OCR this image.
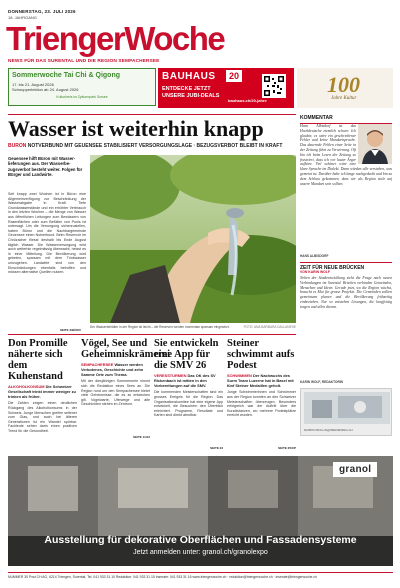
DONNERSTAG, 23. JULI 2026
18. JAHRGANG
TriengerWoche
NEWS FÜR DAS SURENTAL UND DIE REGION SEMPACHERSEE
Sommerwoche Tai Chi & Qigong
17. bis 21. August 2026
Schnupperlektion ab 24. August 2026
Kulturkreis im Zytturmpark Sursee
BAUHAUS	20
ENTDECKE JETZT UNSERE JUBI-DEALS
bauhaus.ch/20-jahre
100
Jahre Kultur
Wasser ist weiterhin knapp
BÜRON NOTVERBUND MIT GEUENSEE STABILISIERT VERSORGUNGSLAGE · BEZUGSVERBOT BLEIBT IN KRAFT
Geuensee hilft Büron mit Wasser-lieferungen aus. Der Wasserbe-zugsverbot besteht weiter. Folgen für Bürger und Landwirte.
Seit knapp zwei Wochen ist in Büron eine Allgemeinverfügung zur Beschränkung der Wasserabgabe in Kraft. Tiefe Grundwasserstände und ein erhöhter Verbrauch in den letzten Wochen – die Menge von Wasser aus öffentlichen Leitungen zum Bewässern von Rasenflächen oder zum Befüllen von Pools ist untersagt. Um die Versorgung sicherzustellen, haben Büron und die Nachbargemeinde Geuensee einen Notverbund. Beim Reservoir im Chrüzacher fliesst deshalb bis Ende August täglich Wasser. Die Wasserversorgung wird auch weiterhin regelmässig überwacht, heisst es in einer Mitteilung. Die Bevölkerung wird gebeten, sparsam mit dem Trinkwasser umzugehen. Landwirte sind von den Einschränkungen ebenfalls betroffen und müssen alternative Quellen nutzen.
SEITE 3/BÜRO
Der Wasserbehälter in der Region ist leicht – die Reserven werden momentan sparsam eingesetzt.	FOTO: ANA BARBARA DALLANESE
KOMMENTAR
Hans Albisdorf ist das Hochdeutsche ziemlich schwer. Ich glaubte, es wäre ein geschriebener Fehler und keine Mundartsprache. Das dauernde Fehlen einer Seite in der Zeitung führt zu Verwirrung. Oft bin ich beim Lesen der Zeitung so frustriert, dass ich vor lauter Ärger aufhöre. Viel schöner wäre eine klare Sprache im Dialekt. Dann würden alle verstehen, was gemeint ist. Darüber habe ich lange nachgedacht und bin zu dem Schluss gekommen, dass wir als Region stolz auf unsere Mundart sein sollten.
HANS ALBISDORF
ZEIT FÜR NEUE BRÜCKEN
VON KARIN WOLF
Neben der Stadtentwicklung steht die Frage nach neuen Verbindungen im Surental. Brücken verbinden Gemeinden, Menschen und Ideen. Gerade jetzt, wo die Region wächst, braucht es Mut für grosse Projekte. Die Gemeinden sollten gemeinsam planen und die Bevölkerung frühzeitig einbeziehen. Nur so entstehen Lösungen, die langfristig tragen und allen dienen.
KARIN WOLF, REDAKTORIN
RAIBON BOLLIN@IMEINEWEG.CH
Don Promille näherte sich dem Kuhenstand
ALKOHOLKONSUM Die Schweizer Gesellschaft trinkt immer weniger zu trinken als früher.
Die Zahlen zeigen einen deutlichen Rückgang des Alkoholkonsums in der Schweiz. Junge Menschen greifen seltener zum Glas, und auch bei älteren Generationen ist ein Wandel spürbar. Fachleute sehen darin einen positiven Trend für die Gesundheit.
Vögel, See und Geheimniskrämerei
SEMPACHERSEE Wasser werden Verbotenes, Geschichte und zehn Samme Orte zum Thema.
Mit der diesjährigen Sommerserie nimmt sich die Redaktion eines Sees an. Die Region rund um den Sempachersee bietet viele Geheimnisse, die es zu entdecken gilt. Vogelwarte, Uferwege und alte Geschichten stehen im Zentrum.
SEITE 11/12
Sie entwickeln eine App für die SMV 26
VERESSTURMEN Das OK des SV Rickenbach ist mitten in den Vorbereitungen auf die SMV.
Die kommenden Meisterschaften sind ein grosses Ereignis für die Region. Das Organisationskomitee hat eine eigene App entwickelt, die Besuchern den Überblick erleichtert. Programm, Resultate und Karten sind direkt abrufbar.
SEITE 23
Steiner schwimmt aufs Podest
SCHWIMMEN Der Nachwuchs des Surm Team Luzerne hat in Basel mit fünf Steiner Medaillen geholt.
Junge Schwimmerinnen und Schwimmer aus der Region konnten an den Schweizer Meisterschaften überzeugen. Besonders erfolgreich war der Auftritt über die Kurzdistanzen, wo mehrere Podestplätze erreicht wurden.
SEITE 25/CP
granol
Ausstellung für dekorative Oberflächen und Fassadensysteme
Jetzt anmelden unter: granol.ch/granolexpo
NUMMER 30 Post CH AG, 6214 Triengen, Surental, Tel. 041 933 31 10 Redaktion: 041 933 31 15 Inserate: 041 933 31 16 www.triengerwoche.ch · redaktion@triengerwoche.ch · inserate@triengerwoche.ch
